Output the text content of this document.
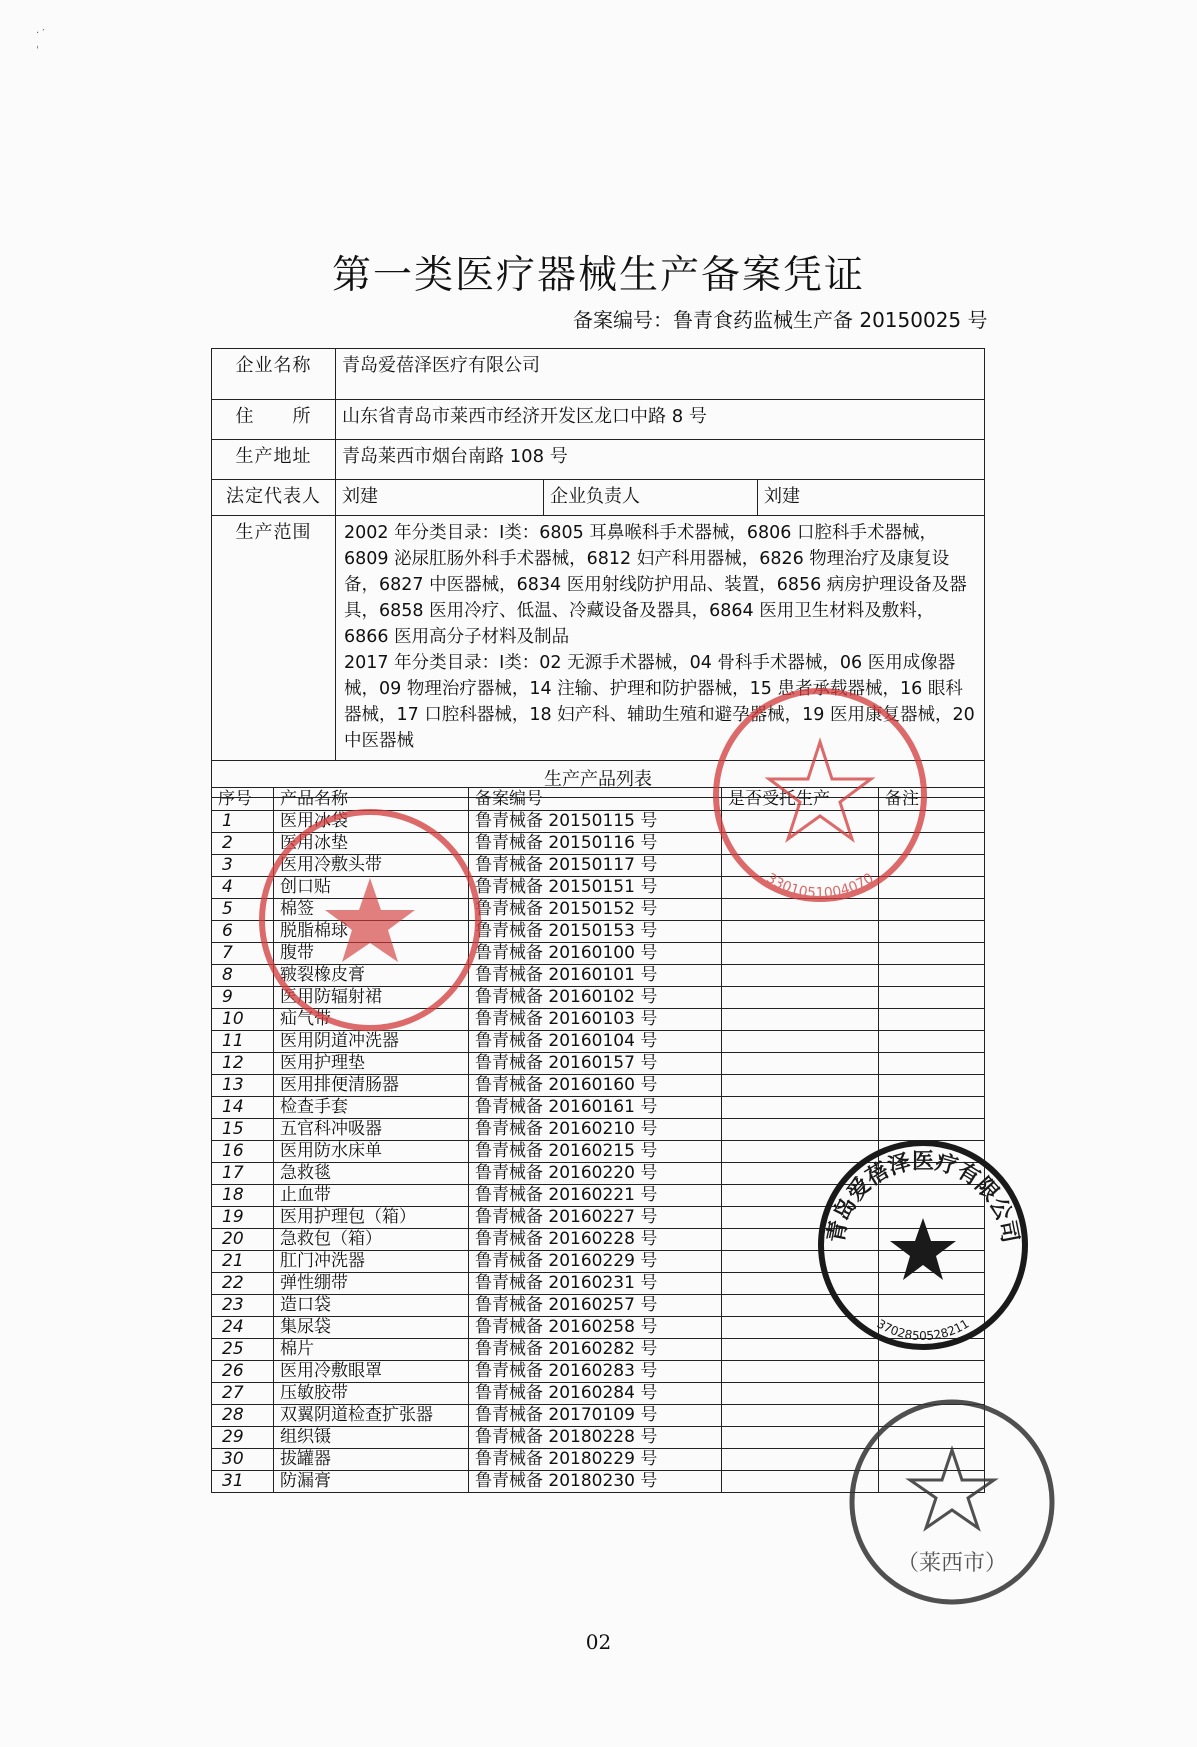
· ′
ˌ
第一类医疗器械生产备案凭证
备案编号：鲁青食药监械生产备 20150025 号
企业名称	青岛爱蓓泽医疗有限公司		
住　　所	山东省青岛市莱西市经济开发区龙口中路 8 号		
生产地址	青岛莱西市烟台南路 108 号		
法定代表人	刘建	企业负责人	刘建
生产范围	2002 年分类目录：Ⅰ类：6805 耳鼻喉科手术器械，6806 口腔科手术器械，6809 泌尿肛肠外科手术器械，6812 妇产科用器械，6826 物理治疗及康复设备，6827 中医器械，6834 医用射线防护用品、装置，6856 病房护理设备及器具，6858 医用冷疗、低温、冷藏设备及器具，6864 医用卫生材料及敷料，6866 医用高分子材料及制品
2017 年分类目录：Ⅰ类：02 无源手术器械，04 骨科手术器械，06 医用成像器械，09 物理治疗器械，14 注输、护理和防护器械，15 患者承载器械，16 眼科器械，17 口腔科器械，18 妇产科、辅助生殖和避孕器械，19 医用康复器械，20 中医器械		

生产产品列表			
序号	产品名称	备案编号	是否受托生产	备注
1	医用冰袋	鲁青械备 20150115 号		
2	医用冰垫	鲁青械备 20150116 号		
3	医用冷敷头带	鲁青械备 20150117 号		
4	创口贴	鲁青械备 20150151 号		
5	棉签	鲁青械备 20150152 号		
6	脱脂棉球	鲁青械备 20150153 号		
7	腹带	鲁青械备 20160100 号		
8	皲裂橡皮膏	鲁青械备 20160101 号		
9	医用防辐射裙	鲁青械备 20160102 号		
10	疝气带	鲁青械备 20160103 号		
11	医用阴道冲洗器	鲁青械备 20160104 号		
12	医用护理垫	鲁青械备 20160157 号		
13	医用排便清肠器	鲁青械备 20160160 号		
14	检查手套	鲁青械备 20160161 号		
15	五官科冲吸器	鲁青械备 20160210 号		
16	医用防水床单	鲁青械备 20160215 号		
17	急救毯	鲁青械备 20160220 号		
18	止血带	鲁青械备 20160221 号		
19	医用护理包（箱）	鲁青械备 20160227 号		
20	急救包（箱）	鲁青械备 20160228 号		
21	肛门冲洗器	鲁青械备 20160229 号		
22	弹性绷带	鲁青械备 20160231 号		
23	造口袋	鲁青械备 20160257 号		
24	集尿袋	鲁青械备 20160258 号		
25	棉片	鲁青械备 20160282 号		
26	医用冷敷眼罩	鲁青械备 20160283 号		
27	压敏胶带	鲁青械备 20160284 号		
28	双翼阴道检查扩张器	鲁青械备 20170109 号		
29	组织镊	鲁青械备 20180228 号		
30	拔罐器	鲁青械备 20180229 号		
31	防漏膏	鲁青械备 20180230 号		
3301051004070
青岛爱蓓泽医疗有限公司
3702850528211
（莱西市）
02
